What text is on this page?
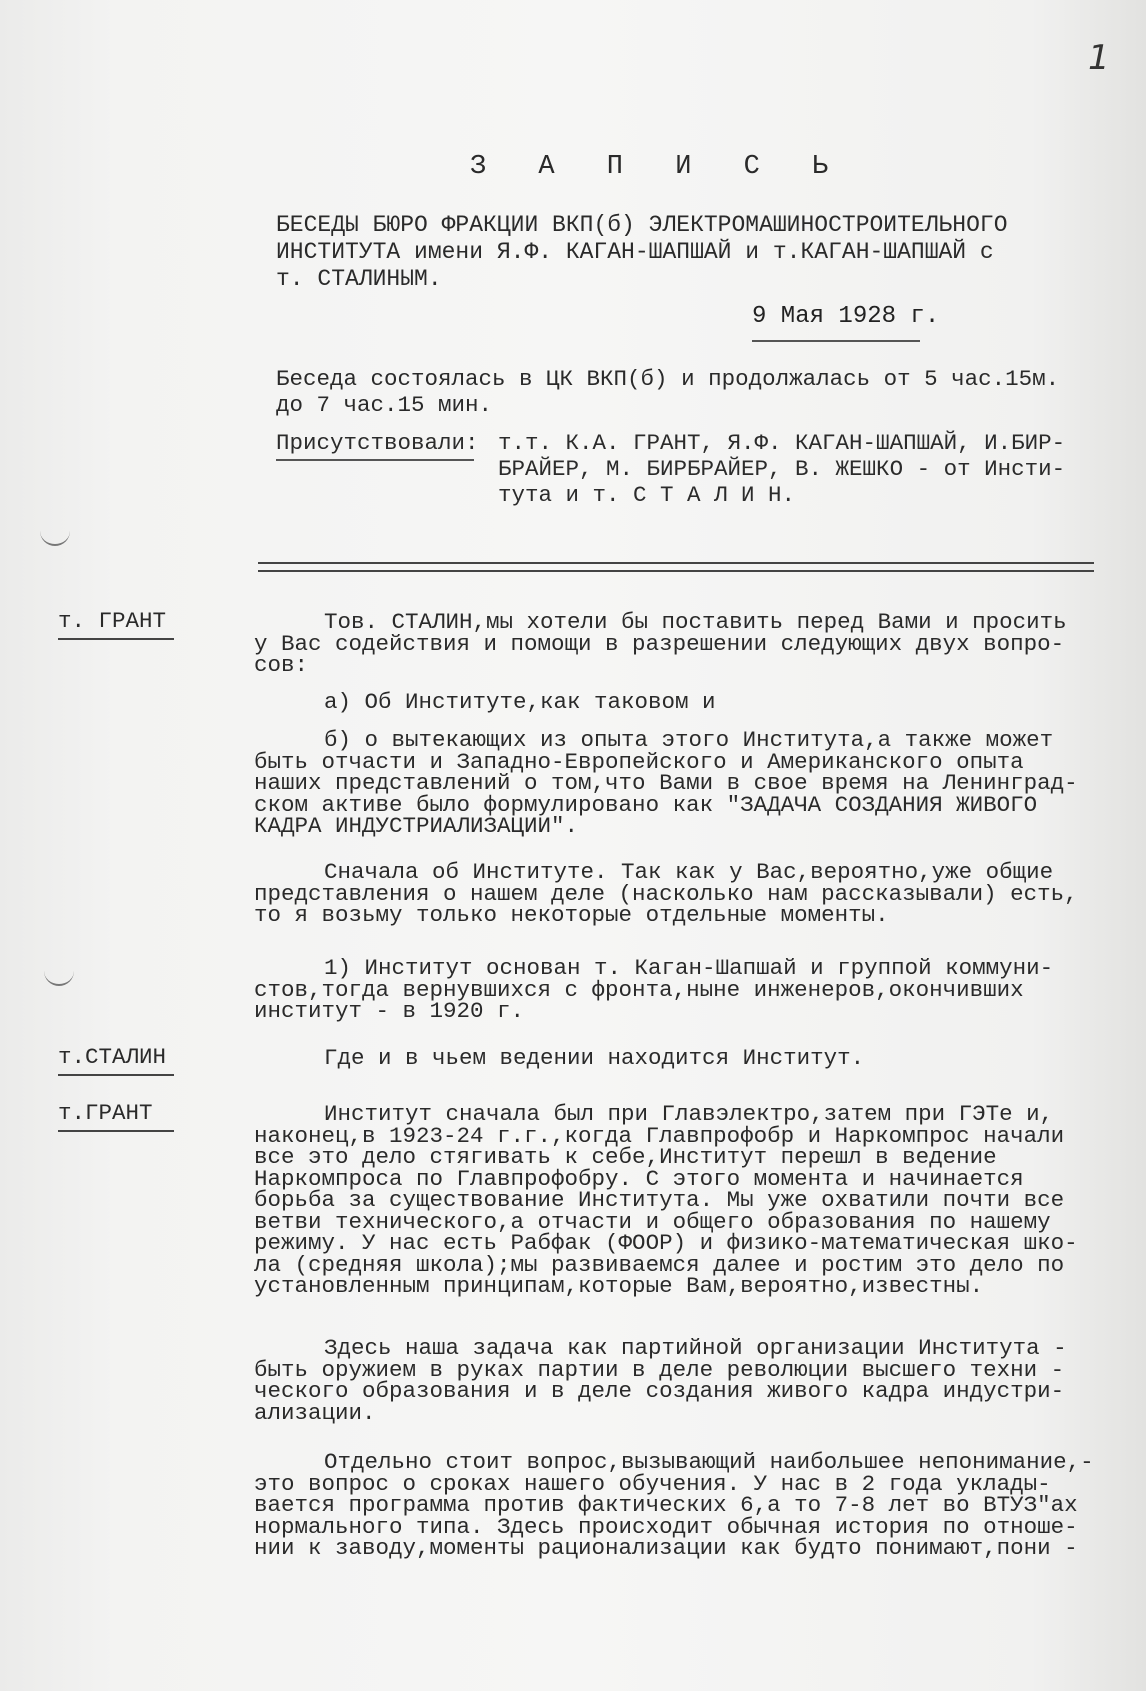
1
З А П И С Ь
БЕСЕДЫ БЮРО ФРАКЦИИ ВКП(б) ЭЛЕКТРОМАШИНОСТРОИТЕЛЬНОГО
ИНСТИТУТА имени Я.Ф. КАГАН-ШАПШАЙ и т.КАГАН-ШАПШАЙ с
т. СТАЛИНЫМ.
9 Мая 1928 г.
Беседа состоялась в ЦК ВКП(б) и продолжалась от 5 час.15м.
до 7 час.15 мин.
Присутствовали: т.т. К.А. ГРАНТ, Я.Ф. КАГАН-ШАПШАЙ, И.БИР-
БРАЙЕР, М. БИРБРАЙЕР, В. ЖЕШКО - от Инсти-
тута и т. С Т А Л И Н.
т. ГРАНТ
т.СТАЛИН
т.ГРАНТ
Тов. СТАЛИН,мы хотели бы поставить перед Вами и просить
у Вас содействия и помощи в разрешении следующих двух вопро-
сов:
а) Об Институте,как таковом и
б) о вытекающих из опыта этого Института,а также может
быть отчасти и Западно-Европейского и Американского опыта
наших представлений о том,что Вами в свое время на Ленинград-
ском активе было формулировано как "ЗАДАЧА СОЗДАНИЯ ЖИВОГО
КАДРА ИНДУСТРИАЛИЗАЦИИ".
Сначала об Институте. Так как у Вас,вероятно,уже общие
представления о нашем деле (насколько нам рассказывали) есть,
то я возьму только некоторые отдельные моменты.
1) Институт основан т. Каган-Шапшай и группой коммуни-
стов,тогда вернувшихся с фронта,ныне инженеров,окончивших
институт - в 1920 г.
Где и в чьем ведении находится Институт.
Институт сначала был при Главэлектро,затем при ГЭТе и,
наконец,в 1923-24 г.г.,когда Главпрофобр и Наркомпрос начали
все это дело стягивать к себе,Институт перешл в ведение
Наркомпроса по Главпрофобру. С этого момента и начинается
борьба за существование Института. Мы уже охватили почти все
ветви технического,а отчасти и общего образования по нашему
режиму. У нас есть Рабфак (ФООР) и физико-математическая шко-
ла (средняя школа);мы развиваемся далее и ростим это дело по
установленным принципам,которые Вам,вероятно,известны.
Здесь наша задача как партийной организации Института -
быть оружием в руках партии в деле революции высшего техни -
ческого образования и в деле создания живого кадра индустри-
ализации.
Отдельно стоит вопрос,вызывающий наибольшее непонимание,-
это вопрос о сроках нашего обучения. У нас в 2 года уклады-
вается программа против фактических 6,а то 7-8 лет во ВТУЗ"ах
нормального типа. Здесь происходит обычная история по отноше-
нии к заводу,моменты рационализации как будто понимают,пони -
